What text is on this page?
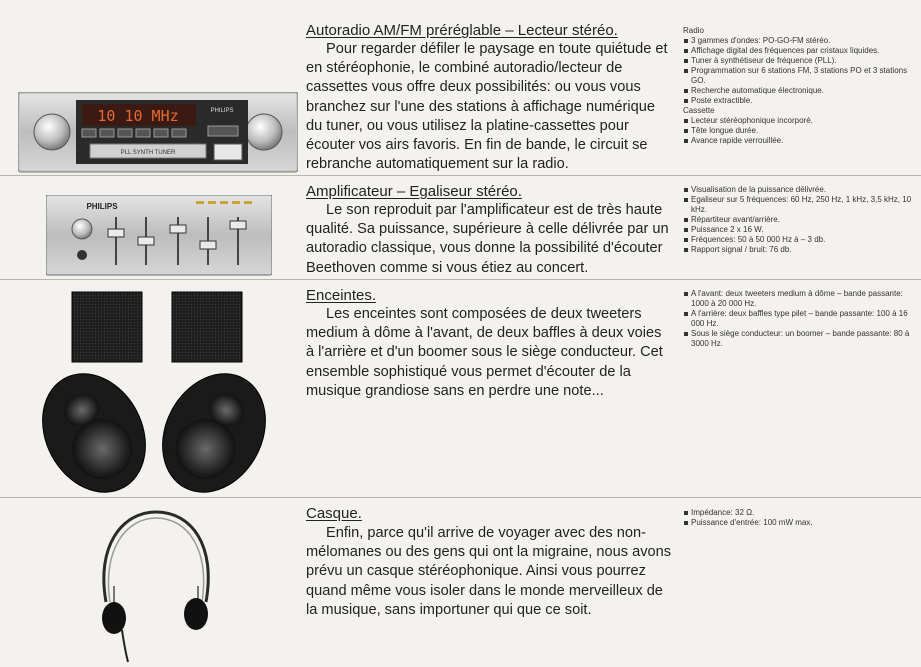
10 10 MHz	PHILIPS
PLL SYNTH TUNER
Autoradio AM/FM préréglable – Lecteur stéréo.

Pour regarder défiler le paysage en toute quiétude et en stéréophonie, le combiné autoradio/lecteur de cassettes vous offre deux possibilités: ou vous vous branchez sur l'une des stations à affichage numérique du tuner, ou vous utilisez la platine-cassettes pour écouter vos airs favoris. En fin de bande, le circuit se rebranche automatiquement sur la radio.

Radio
3 gammes d'ondes: PO-GO-FM stéréo.
Affichage digital des fréquences par cristaux liquides.
Tuner à synthétiseur de fréquence (PLL).
Programmation sur 6 stations FM, 3 stations PO et 3 stations GO.
Recherche automatique électronique.
Poste extractible.
Cassette
Lecteur stéréophonique incorporé.
Tête longue durée.
Avance rapide verrouillée.
PHILIPS
Amplificateur – Egaliseur stéréo.

Le son reproduit par l'amplificateur est de très haute qualité. Sa puissance, supérieure à celle délivrée par un autoradio classique, vous donne la possibilité d'écouter Beethoven comme si vous étiez au concert.

Visualisation de la puissance délivrée.
Egaliseur sur 5 fréquences: 60 Hz, 250 Hz, 1 kHz, 3,5 kHz, 10 kHz.
Répartiteur avant/arrière.
Puissance 2 x 16 W.
Fréquences: 50 à 50 000 Hz à – 3 db.
Rapport signal / bruit: 76 db.
Enceintes.

Les enceintes sont composées de deux tweeters medium à dôme à l'avant, de deux baffles à deux voies à l'arrière et d'un boomer sous le siège conducteur. Cet ensemble sophistiqué vous permet d'écouter de la musique grandiose sans en perdre une note...

A l'avant: deux tweeters medium à dôme – bande passante: 1000 à 20 000 Hz.
A l'arrière: deux baffles type pilet – bande passante: 100 à 16 000 Hz.
Sous le siège conducteur: un boomer – bande passante: 80 à 3000 Hz.
Casque.

Enfin, parce qu'il arrive de voyager avec des non-mélomanes ou des gens qui ont la migraine, nous avons prévu un casque stéréophonique. Ainsi vous pourrez quand même vous isoler dans le monde merveilleux de la musique, sans importuner qui que ce soit.

Impédance: 32 Ω.
Puissance d'entrée: 100 mW max.
